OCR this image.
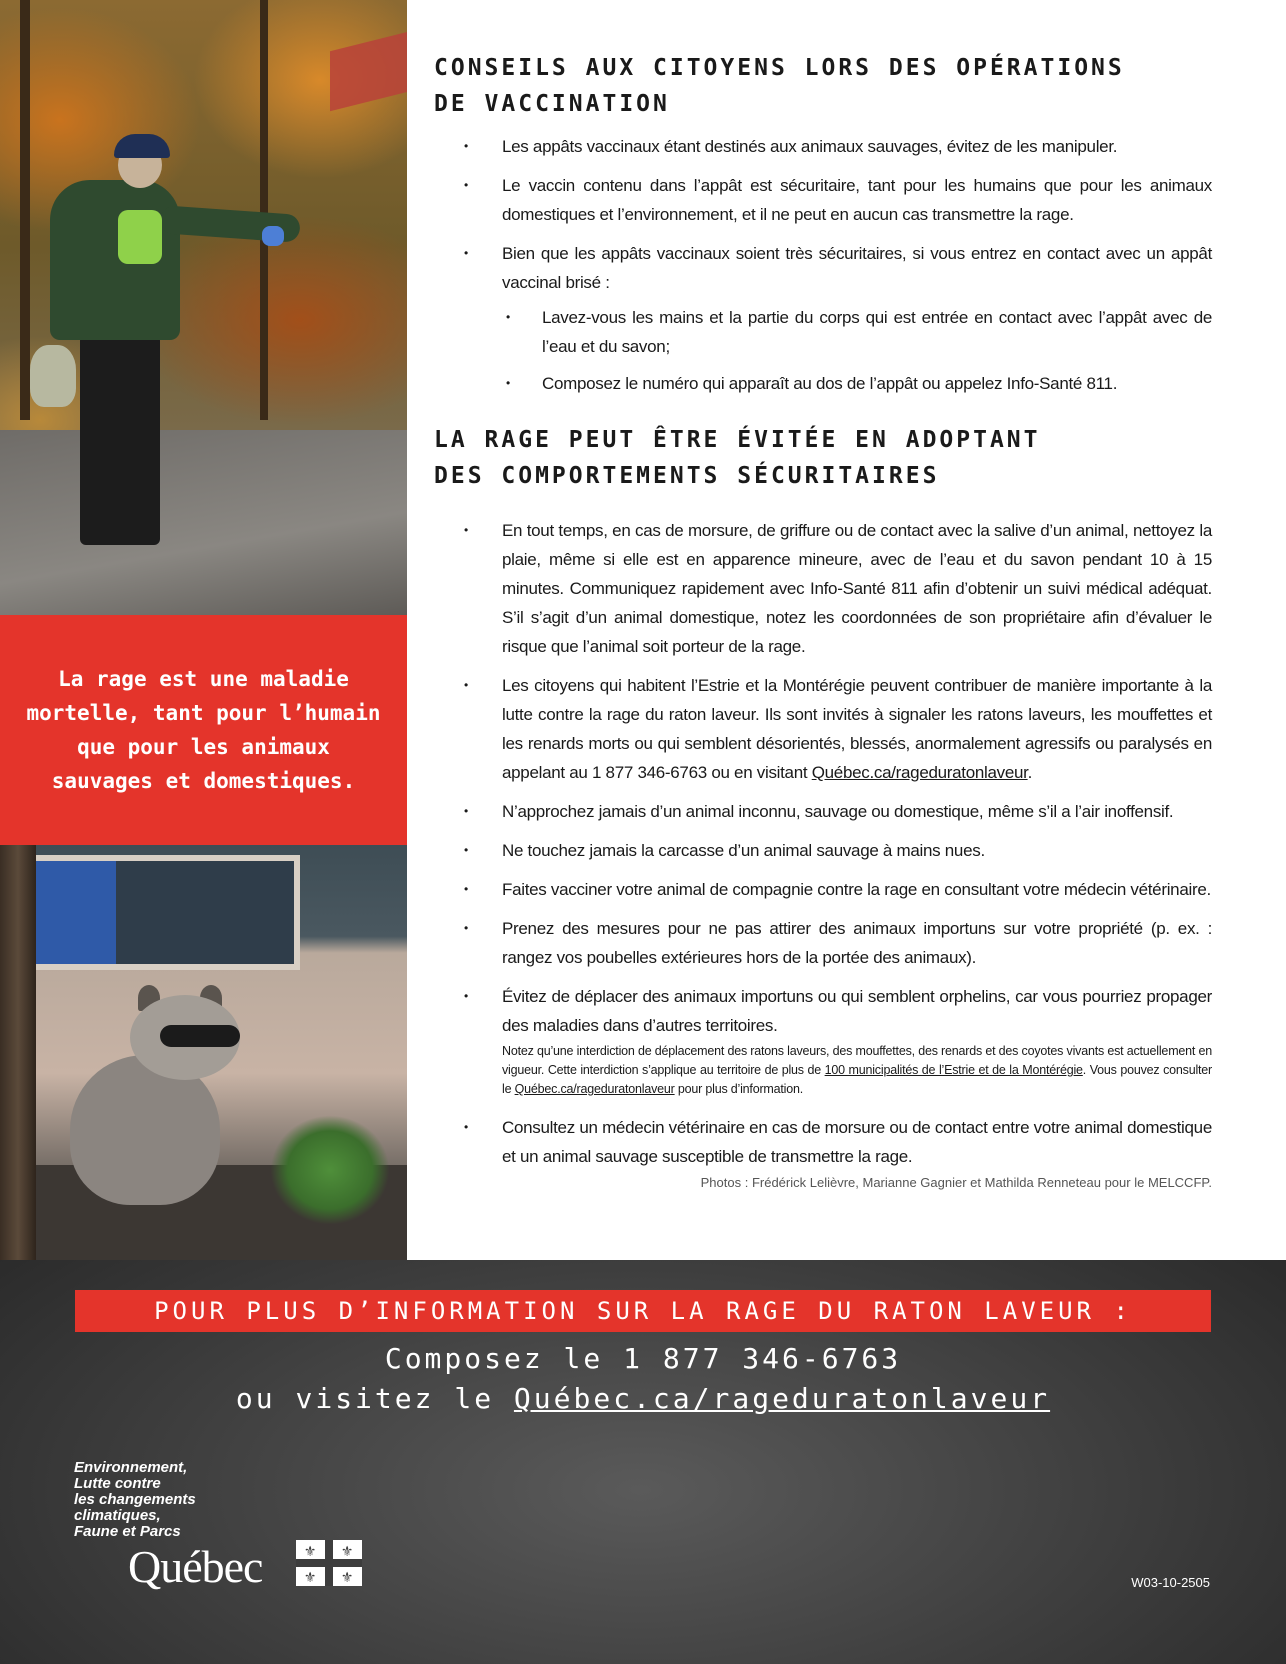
La rage est une maladie mortelle, tant pour l’humain que pour les animaux sauvages et domestiques.

CONSEILS AUX CITOYENS LORS DES OPÉRATIONS
DE VACCINATION
• Les appâts vaccinaux étant destinés aux animaux sauvages, évitez de les manipuler.
• Le vaccin contenu dans l’appât est sécuritaire, tant pour les humains que pour les animaux domestiques et l’environnement, et il ne peut en aucun cas transmettre la rage.
• Bien que les appâts vaccinaux soient très sécuritaires, si vous entrez en contact avec un appât vaccinal brisé :
• Lavez-vous les mains et la partie du corps qui est entrée en contact avec l’appât avec de l’eau et du savon;
• Composez le numéro qui apparaît au dos de l’appât ou appelez Info-Santé 811.
LA RAGE PEUT ÊTRE ÉVITÉE EN ADOPTANT
DES COMPORTEMENTS SÉCURITAIRES
• En tout temps, en cas de morsure, de griffure ou de contact avec la salive d’un animal, nettoyez la plaie, même si elle est en apparence mineure, avec de l’eau et du savon pendant 10 à 15 minutes. Communiquez rapidement avec Info-Santé 811 afin d’obtenir un suivi médical adéquat. S’il s’agit d’un animal domestique, notez les coordonnées de son propriétaire afin d’évaluer le risque que l’animal soit porteur de la rage.
• Les citoyens qui habitent l’Estrie et la Montérégie peuvent contribuer de manière importante à la lutte contre la rage du raton laveur. Ils sont invités à signaler les ratons laveurs, les mouffettes et les renards morts ou qui semblent désorientés, blessés, anormalement agressifs ou paralysés en appelant au 1 877 346-6763 ou en visitant Québec.ca/rageduratonlaveur.
• N’approchez jamais d’un animal inconnu, sauvage ou domestique, même s’il a l’air inoffensif.
• Ne touchez jamais la carcasse d’un animal sauvage à mains nues.
• Faites vacciner votre animal de compagnie contre la rage en consultant votre médecin vétérinaire.
• Prenez des mesures pour ne pas attirer des animaux importuns sur votre propriété (p. ex. : rangez vos poubelles extérieures hors de la portée des animaux).
• Évitez de déplacer des animaux importuns ou qui semblent orphelins, car vous pourriez propager des maladies dans d’autres territoires.

Notez qu’une interdiction de déplacement des ratons laveurs, des mouffettes, des renards et des coyotes vivants est actuellement en vigueur. Cette interdiction s’applique au territoire de plus de 100 municipalités de l’Estrie et de la Montérégie. Vous pouvez consulter le Québec.ca/rageduratonlaveur pour plus d’information.

• Consultez un médecin vétérinaire en cas de morsure ou de contact entre votre animal domestique et un animal sauvage susceptible de transmettre la rage.

Photos : Frédérick Lelièvre, Marianne Gagnier et Mathilda Renneteau pour le MELCCFP.

POUR PLUS D’INFORMATION SUR LA RAGE DU RATON LAVEUR :
Composez le 1 877 346-6763
ou visitez le Québec.ca/rageduratonlaveur
Environnement,
Lutte contre
les changements
climatiques,
Faune et Parcs
Québec	⚜ ⚜
⚜ ⚜	W03-10-2505
